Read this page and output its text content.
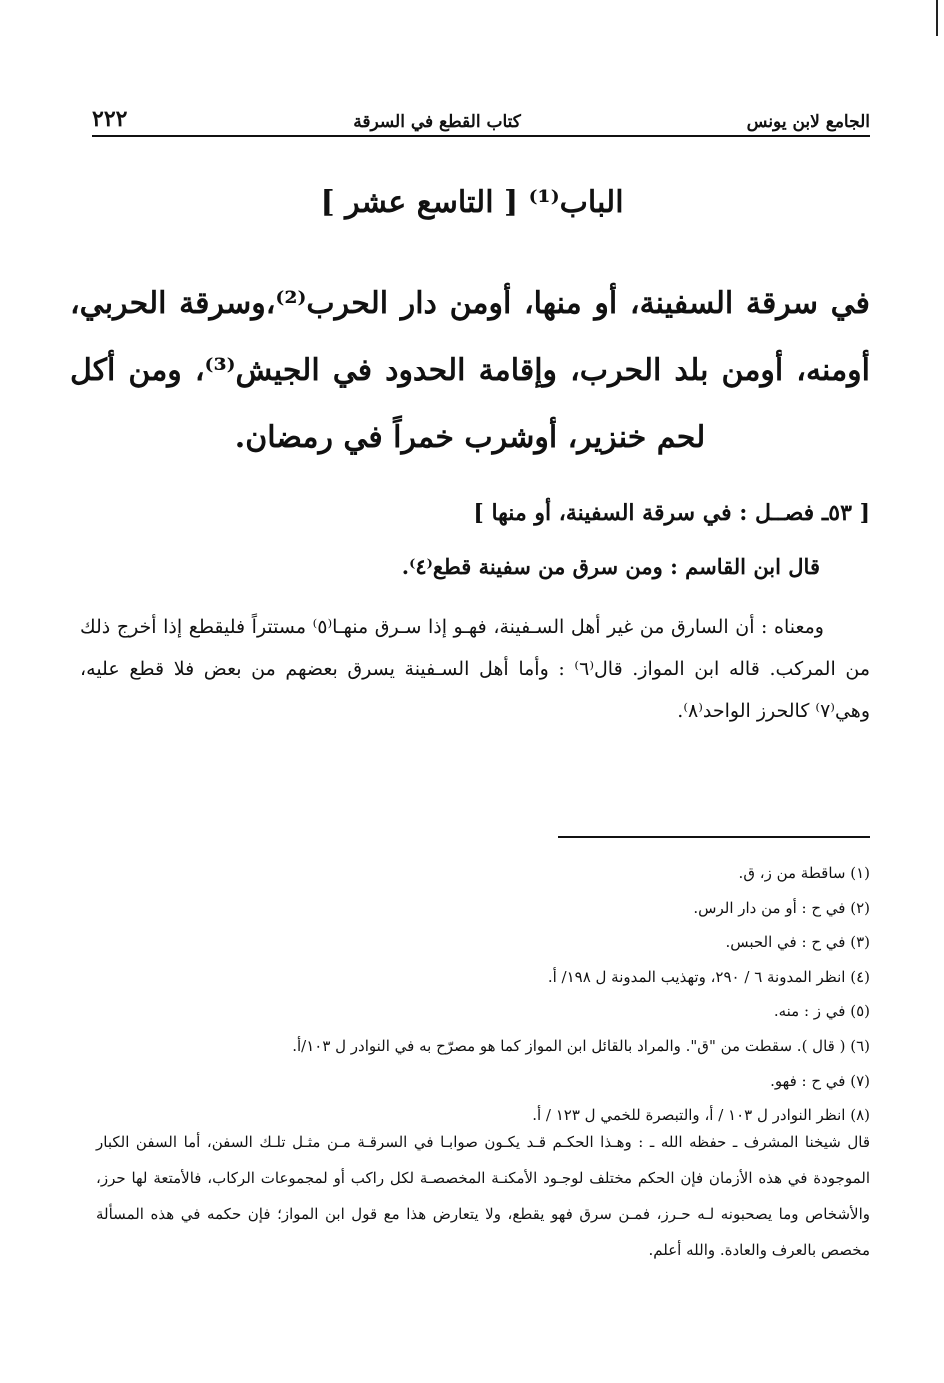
الجامع لابن يونس
كتاب القطع في السرقة
٢٢٢
الباب⁽¹⁾ [ التاسع عشر ]
في سرقة السفينة، أو منها، أومن دار الحرب⁽²⁾،وسرقة الحربي، أومنه، أومن بلد الحرب، وإقامة الحدود في الجيش⁽³⁾، ومن أكل لحم خنزير، أوشرب خمراً في رمضان.
[ ٥٣ـ فصــل : في سرقة السفينة، أو منها ]
قال ابن القاسم : ومن سرق من سفينة قطع⁽٤⁾.

ومعناه : أن السارق من غير أهل السـفينة، فهـو إذا سـرق منهـا⁽٥⁾ مستتراً فليقطع إذا أخرج ذلك من المركب. قاله ابن المواز. قال⁽٦⁾ : وأما أهل السـفينة يسرق بعضهم من بعض فلا قطع عليه، وهي⁽٧⁾ كالحرز الواحد⁽٨⁾.

(١) ساقطة من ز، ق.
(٢) في ح : أو من دار الرس.
(٣) في ح : في الحبس.
(٤) انظر المدونة ٦ / ٢٩٠، وتهذيب المدونة ل ١٩٨/ أ.
(٥) في ز : منه.
(٦) ( قال ). سقطت من "ق". والمراد بالقائل ابن المواز كما هو مصرّح به في النوادر ل ١٠٣/أ.
(٧) في ح : فهو.
(٨) انظر النوادر ل ١٠٣ / أ، والتبصرة للخمي ل ١٢٣ / أ.
قال شيخنا المشرف ـ حفظه الله ـ : وهـذا الحكـم قـد يكـون صوابـا في السرقـة مـن مثـل تلـك السفن، أما السفن الكبار الموجودة في هذه الأزمان فإن الحكم مختلف لوجـود الأمكنـة المخصصـة لكل راكب أو لمجموعات الركاب، فالأمتعة لها حرز، والأشخاص وما يصحبونه لـه حـرز، فمـن سرق فهو يقطع، ولا يتعارض هذا مع قول ابن المواز؛ فإن حكمه في هذه المسألة مخصص بالعرف والعادة. والله أعلم.
